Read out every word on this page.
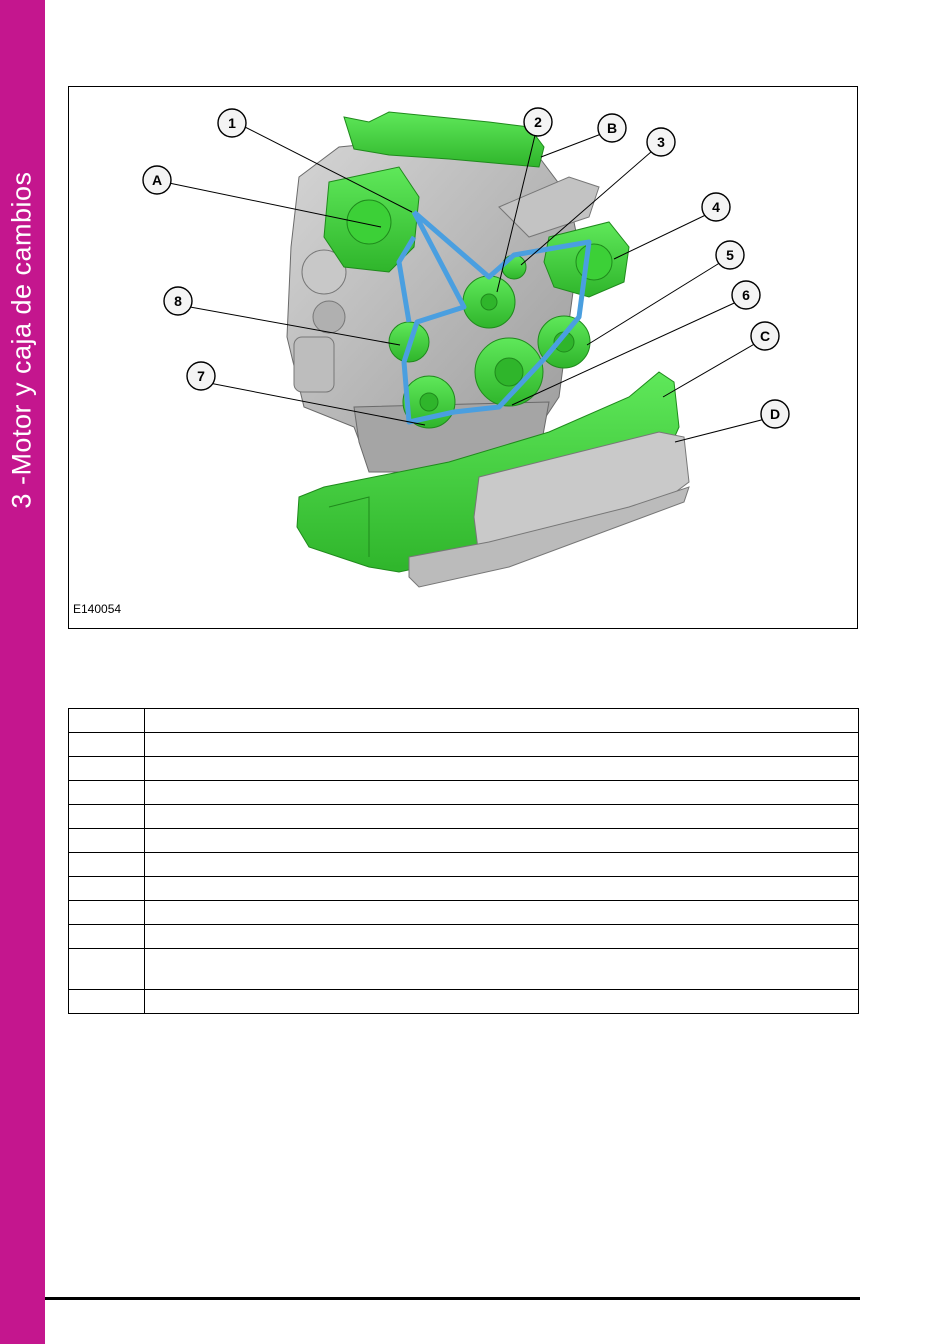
3 -Motor y caja de cambios
1	2
3
4
5
6
7
8
A
B
C
D
E140054
